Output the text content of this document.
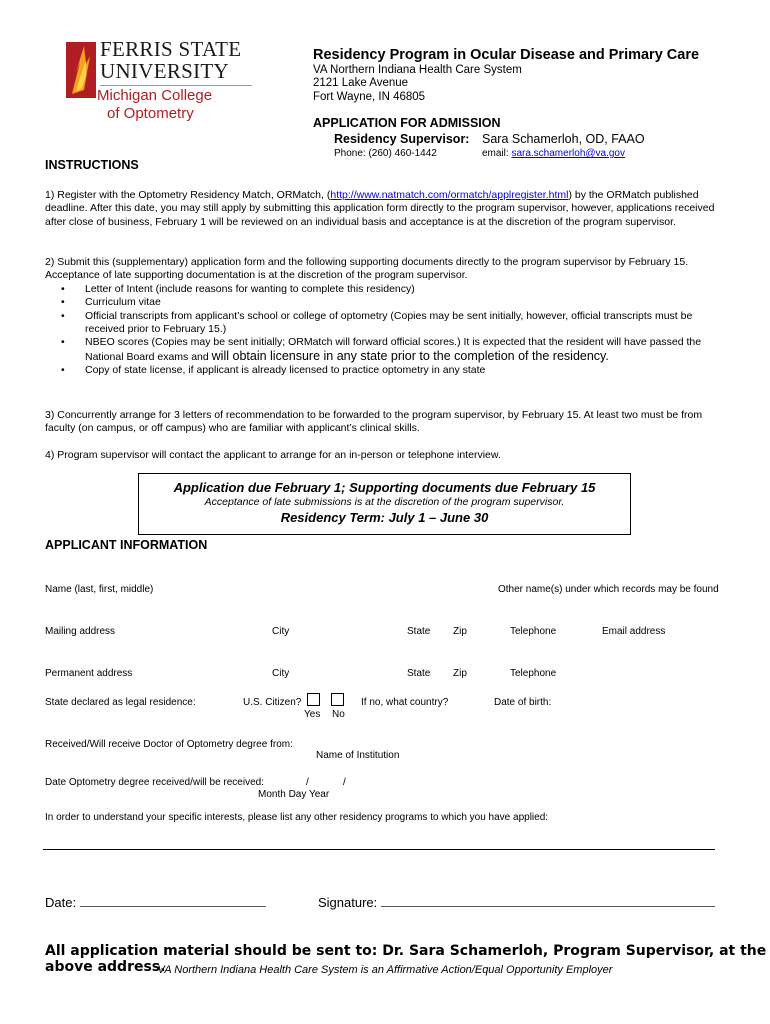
FERRIS STATE
UNIVERSITY
Michigan College
of Optometry
Residency Program in Ocular Disease and Primary Care
VA Northern Indiana Health Care System
2121 Lake Avenue
Fort Wayne, IN 46805
APPLICATION FOR ADMISSION
Residency Supervisor: Sara Schamerloh, OD, FAAO
Phone: (260) 460-1442	email: sara.schamerloh@va.gov
INSTRUCTIONS
1) Register with the Optometry Residency Match, ORMatch, (http://www.natmatch.com/ormatch/applregister.html) by the ORMatch published deadline. After this date, you may still apply by submitting this application form directly to the program supervisor, however, applications received after close of business, February 1 will be reviewed on an individual basis and acceptance is at the discretion of the program supervisor.
2) Submit this (supplementary) application form and the following supporting documents directly to the program supervisor by February 15. Acceptance of late supporting documentation is at the discretion of the program supervisor.
• Letter of Intent (include reasons for wanting to complete this residency)
• Curriculum vitae
• Official transcripts from applicant’s school or college of optometry (Copies may be sent initially, however, official transcripts must be received prior to February 15.)
• NBEO scores (Copies may be sent initially; ORMatch will forward official scores.) It is expected that the resident will have passed the National Board exams and will obtain licensure in any state prior to the completion of the residency.
• Copy of state license, if applicant is already licensed to practice optometry in any state
3) Concurrently arrange for 3 letters of recommendation to be forwarded to the program supervisor, by February 15. At least two must be from faculty (on campus, or off campus) who are familiar with applicant’s clinical skills.
4) Program supervisor will contact the applicant to arrange for an in-person or telephone interview.
Application due February 1; Supporting documents due February 15
Acceptance of late submissions is at the discretion of the program supervisor.
Residency Term: July 1 – June 30
APPLICANT INFORMATION
Name (last, first, middle)	Other name(s) under which records may be found
Mailing address	City	State Zip	Telephone	Email address
Permanent address	City	State Zip	Telephone
State declared as legal residence:	U.S. Citizen?
Yes No
If no, what country?	Date of birth:
Received/Will receive Doctor of Optometry degree from:
Name of Institution
Date Optometry degree received/will be received:	/	/
Month Day Year
In order to understand your specific interests, please list any other residency programs to which you have applied:
Date:	Signature:
All application material should be sent to: Dr. Sara Schamerloh, Program Supervisor, at the above address.
VA Northern Indiana Health Care System is an Affirmative Action/Equal Opportunity Employer
